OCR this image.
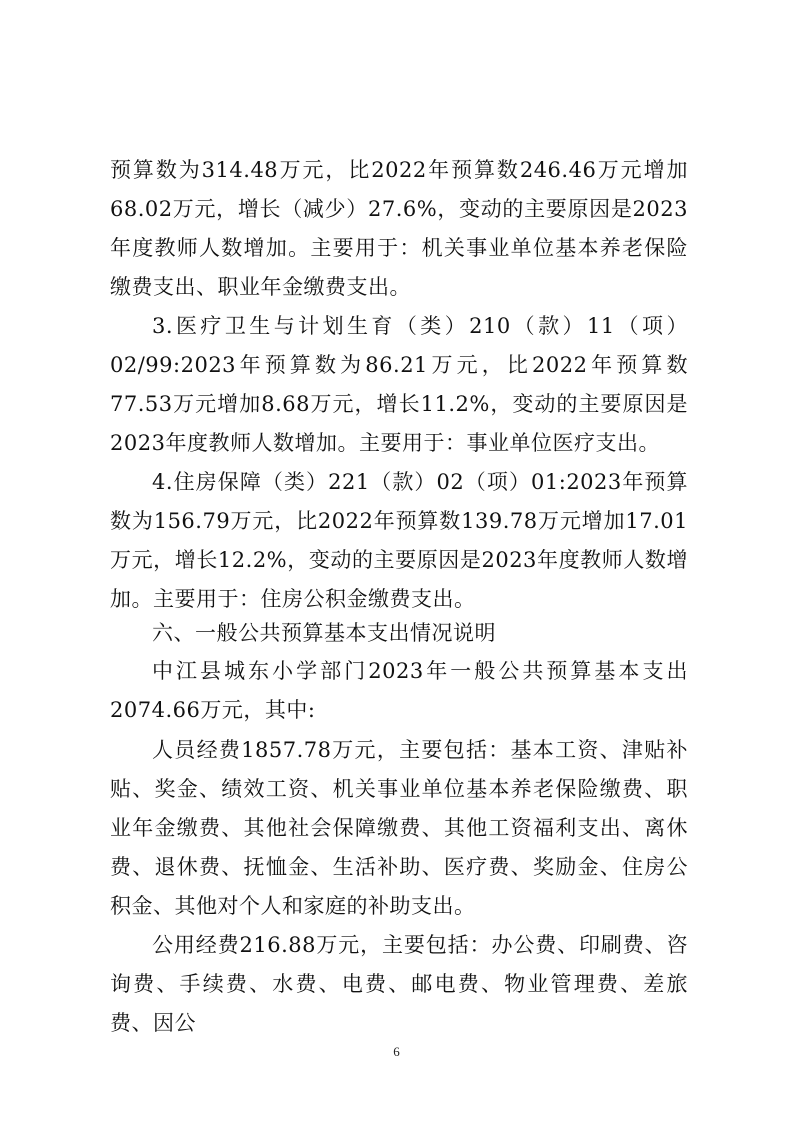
预算数为314.48万元，比2022年预算数246.46万元增加68.02万元，增长（减少）27.6%，变动的主要原因是2023年度教师人数增加。主要用于：机关事业单位基本养老保险缴费支出、职业年金缴费支出。

3.医疗卫生与计划生育（类）210（款）11（项）02/99:2023年预算数为86.21万元，比2022年预算数77.53万元增加8.68万元，增长11.2%，变动的主要原因是2023年度教师人数增加。主要用于：事业单位医疗支出。

4.住房保障（类）221（款）02（项）01:2023年预算数为156.79万元，比2022年预算数139.78万元增加17.01万元，增长12.2%，变动的主要原因是2023年度教师人数增加。主要用于：住房公积金缴费支出。

六、一般公共预算基本支出情况说明

中江县城东小学部门2023年一般公共预算基本支出2074.66万元，其中:

人员经费1857.78万元，主要包括：基本工资、津贴补贴、奖金、绩效工资、机关事业单位基本养老保险缴费、职业年金缴费、其他社会保障缴费、其他工资福利支出、离休费、退休费、抚恤金、生活补助、医疗费、奖励金、住房公积金、其他对个人和家庭的补助支出。

公用经费216.88万元，主要包括：办公费、印刷费、咨询费、手续费、水费、电费、邮电费、物业管理费、差旅费、因公

6
